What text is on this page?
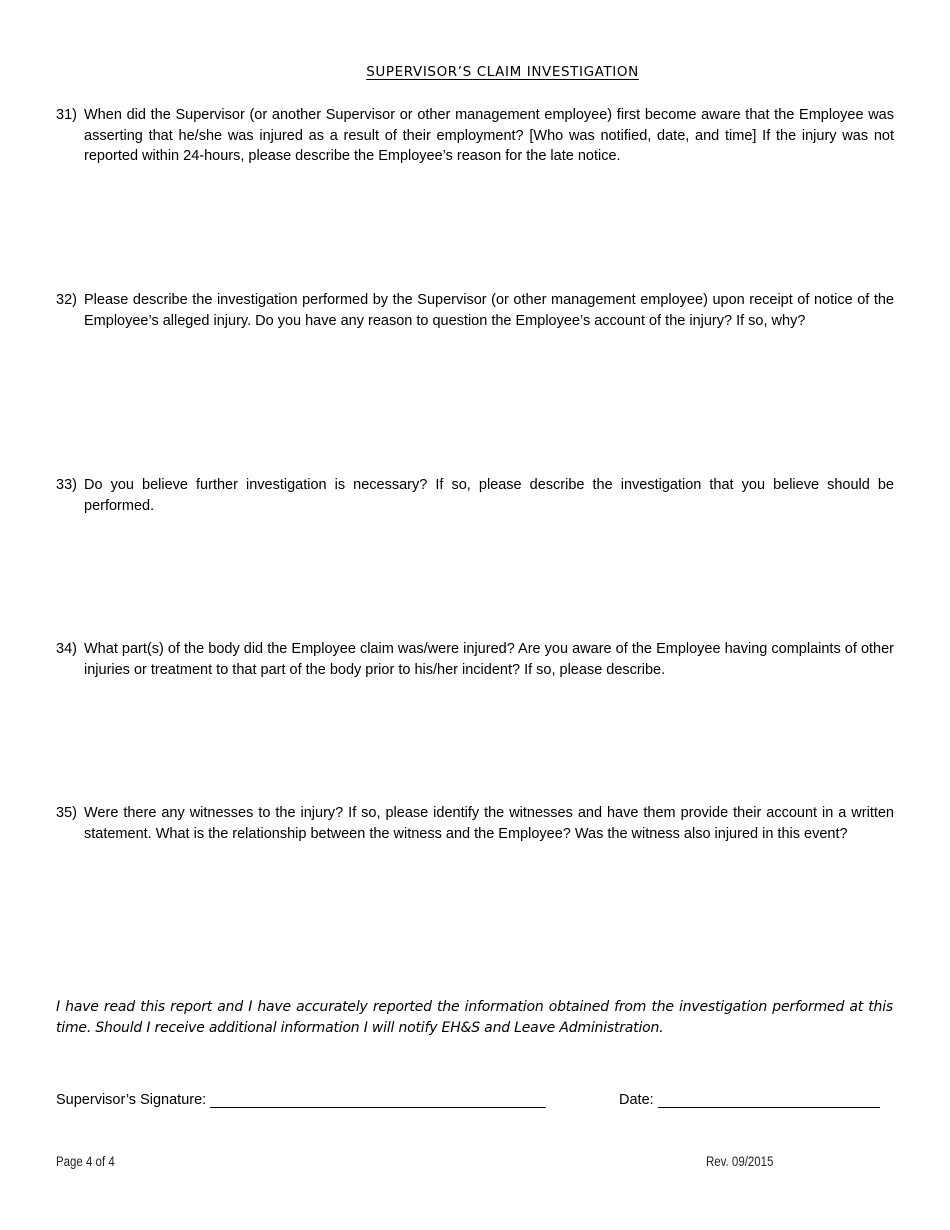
SUPERVISOR’S CLAIM INVESTIGATION
31) When did the Supervisor (or another Supervisor or other management employee) first become aware that the Employee was asserting that he/she was injured as a result of their employment? [Who was notified, date, and time] If the injury was not reported within 24-hours, please describe the Employee’s reason for the late notice.
32) Please describe the investigation performed by the Supervisor (or other management employee) upon receipt of notice of the Employee’s alleged injury. Do you have any reason to question the Employee’s account of the injury? If so, why?
33) Do you believe further investigation is necessary? If so, please describe the investigation that you believe should be performed.
34) What part(s) of the body did the Employee claim was/were injured? Are you aware of the Employee having complaints of other injuries or treatment to that part of the body prior to his/her incident? If so, please describe.
35) Were there any witnesses to the injury? If so, please identify the witnesses and have them provide their account in a written statement. What is the relationship between the witness and the Employee? Was the witness also injured in this event?
I have read this report and I have accurately reported the information obtained from the investigation performed at this time. Should I receive additional information I will notify EH&S and Leave Administration.
Supervisor’s Signature:	Date:
Page 4 of 4	Rev. 09/2015
